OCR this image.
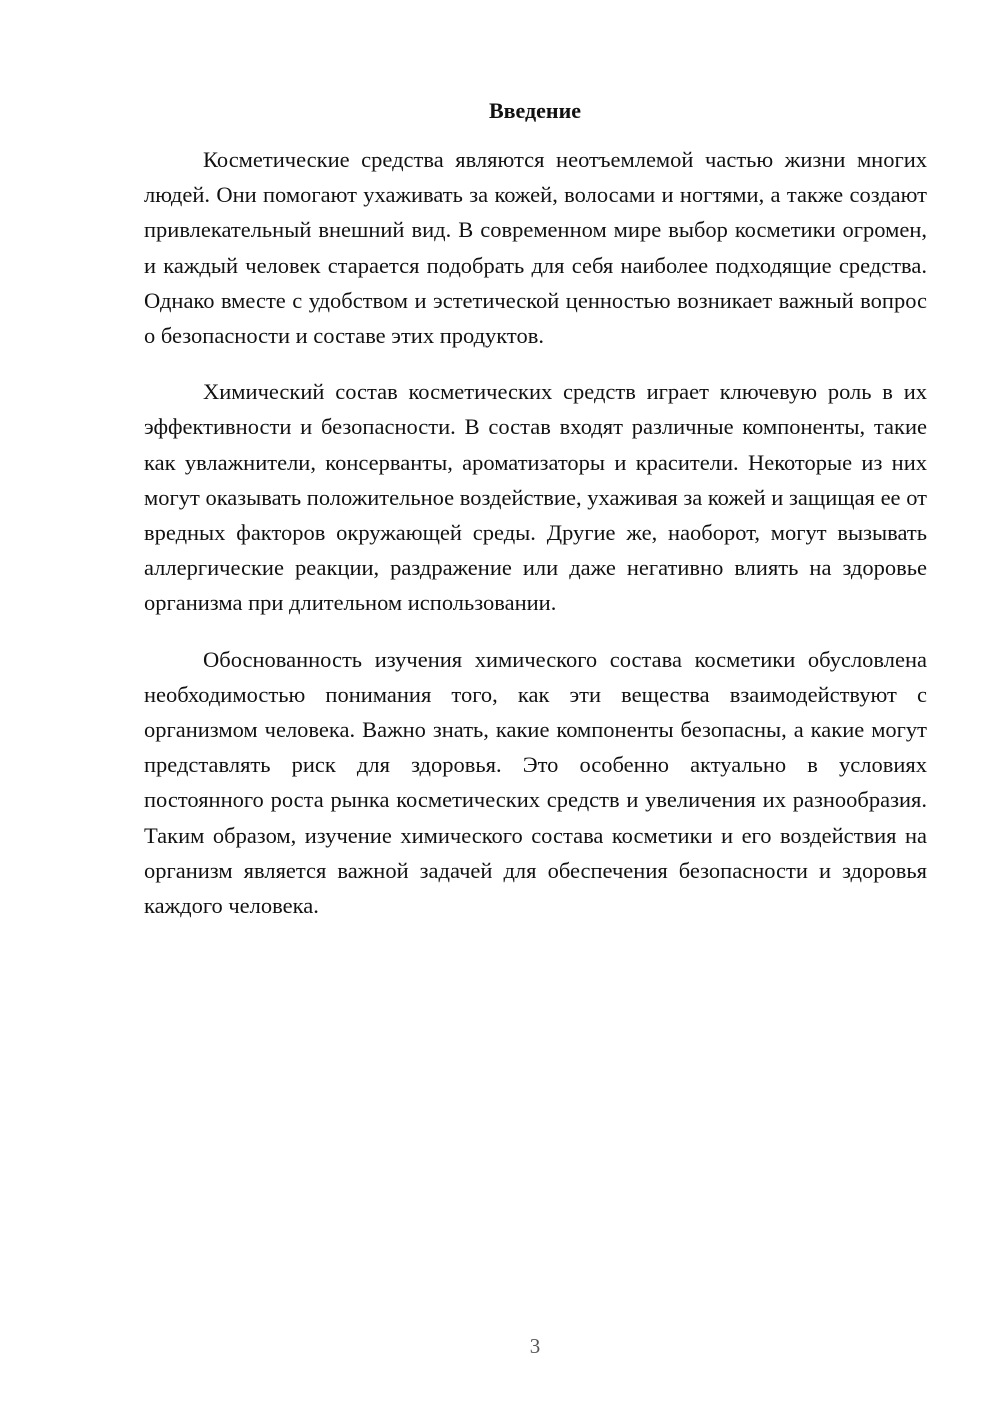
Введение

Косметические средства являются неотъемлемой частью жизни многих людей. Они помогают ухаживать за кожей, волосами и ногтями, а также создают привлекательный внешний вид. В современном мире выбор косметики огромен, и каждый человек старается подобрать для себя наиболее подходящие средства. Однако вместе с удобством и эстетической ценностью возникает важный вопрос о безопасности и составе этих продуктов.

Химический состав косметических средств играет ключевую роль в их эффективности и безопасности. В состав входят различные компоненты, такие как увлажнители, консерванты, ароматизаторы и красители. Некоторые из них могут оказывать положительное воздействие, ухаживая за кожей и защищая ее от вредных факторов окружающей среды. Другие же, наоборот, могут вызывать аллергические реакции, раздражение или даже негативно влиять на здоровье организма при длительном использовании.

Обоснованность изучения химического состава косметики обусловлена необходимостью понимания того, как эти вещества взаимодействуют с организмом человека. Важно знать, какие компоненты безопасны, а какие могут представлять риск для здоровья. Это особенно актуально в условиях постоянного роста рынка косметических средств и увеличения их разнообразия. Таким образом, изучение химического состава косметики и его воздействия на организм является важной задачей для обеспечения безопасности и здоровья каждого человека.

3
